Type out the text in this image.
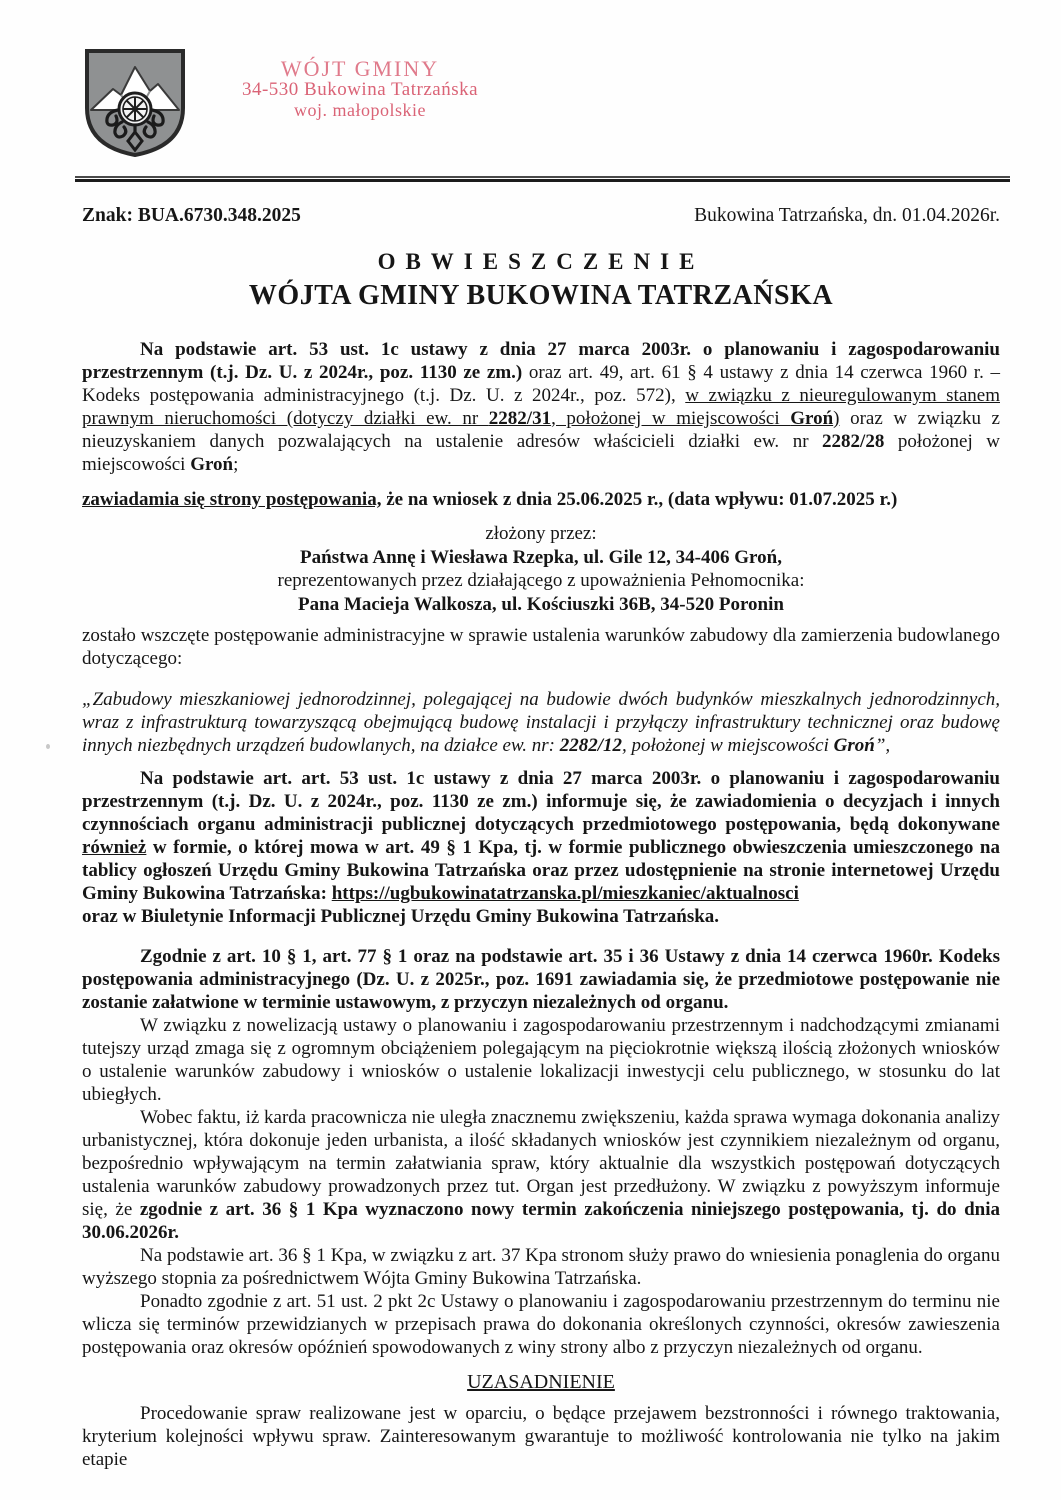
WÓJT GMINY
34-530 Bukowina Tatrzańska
woj. małopolskie
Znak: BUA.6730.348.2025	Bukowina Tatrzańska, dn. 01.04.2026r.
OBWIESZCZENIE
WÓJTA GMINY BUKOWINA TATRZAŃSKA

Na podstawie art. 53 ust. 1c ustawy z dnia 27 marca 2003r. o planowaniu i zagospodarowaniu przestrzennym (t.j. Dz. U. z 2024r., poz. 1130 ze zm.) oraz art. 49, art. 61 § 4 ustawy z dnia 14 czerwca 1960 r. – Kodeks postępowania administracyjnego (t.j. Dz. U. z 2024r., poz. 572), w związku z nieuregulowanym stanem prawnym nieruchomości (dotyczy działki ew. nr 2282/31, położonej w miejscowości Groń) oraz w związku z nieuzyskaniem danych pozwalających na ustalenie adresów właścicieli działki ew. nr 2282/28 położonej w miejscowości Groń;

zawiadamia się strony postępowania, że na wniosek z dnia 25.06.2025 r., (data wpływu: 01.07.2025 r.)

złożony przez:
Państwa Annę i Wiesława Rzepka, ul. Gile 12, 34-406 Groń,
reprezentowanych przez działającego z upoważnienia Pełnomocnika:
Pana Macieja Walkosza, ul. Kościuszki 36B, 34-520 Poronin

zostało wszczęte postępowanie administracyjne w sprawie ustalenia warunków zabudowy dla zamierzenia budowlanego dotyczącego:

„Zabudowy mieszkaniowej jednorodzinnej, polegającej na budowie dwóch budynków mieszkalnych jednorodzinnych, wraz z infrastrukturą towarzyszącą obejmującą budowę instalacji i przyłączy infrastruktury technicznej oraz budowę innych niezbędnych urządzeń budowlanych, na działce ew. nr: 2282/12, położonej w miejscowości Groń”,

Na podstawie art. art. 53 ust. 1c ustawy z dnia 27 marca 2003r. o planowaniu i zagospodarowaniu przestrzennym (t.j. Dz. U. z 2024r., poz. 1130 ze zm.) informuje się, że zawiadomienia o decyzjach i innych czynnościach organu administracji publicznej dotyczących przedmiotowego postępowania, będą dokonywane również w formie, o której mowa w art. 49 § 1 Kpa, tj. w formie publicznego obwieszczenia umieszczonego na tablicy ogłoszeń Urzędu Gminy Bukowina Tatrzańska oraz przez udostępnienie na stronie internetowej Urzędu Gminy Bukowina Tatrzańska: https://ugbukowinatatrzanska.pl/mieszkaniec/aktualnosci

oraz w Biuletynie Informacji Publicznej Urzędu Gminy Bukowina Tatrzańska.

Zgodnie z art. 10 § 1, art. 77 § 1 oraz na podstawie art. 35 i 36 Ustawy z dnia 14 czerwca 1960r. Kodeks postępowania administracyjnego (Dz. U. z 2025r., poz. 1691 zawiadamia się, że przedmiotowe postępowanie nie zostanie załatwione w terminie ustawowym, z przyczyn niezależnych od organu.

W związku z nowelizacją ustawy o planowaniu i zagospodarowaniu przestrzennym i nadchodzącymi zmianami tutejszy urząd zmaga się z ogromnym obciążeniem polegającym na pięciokrotnie większą ilością złożonych wniosków o ustalenie warunków zabudowy i wniosków o ustalenie lokalizacji inwestycji celu publicznego, w stosunku do lat ubiegłych.

Wobec faktu, iż karda pracownicza nie uległa znacznemu zwiększeniu, każda sprawa wymaga dokonania analizy urbanistycznej, która dokonuje jeden urbanista, a ilość składanych wniosków jest czynnikiem niezależnym od organu, bezpośrednio wpływającym na termin załatwiania spraw, który aktualnie dla wszystkich postępowań dotyczących ustalenia warunków zabudowy prowadzonych przez tut. Organ jest przedłużony. W związku z powyższym informuje się, że zgodnie z art. 36 § 1 Kpa wyznaczono nowy termin zakończenia niniejszego postępowania, tj. do dnia 30.06.2026r.

Na podstawie art. 36 § 1 Kpa, w związku z art. 37 Kpa stronom służy prawo do wniesienia ponaglenia do organu wyższego stopnia za pośrednictwem Wójta Gminy Bukowina Tatrzańska.

Ponadto zgodnie z art. 51 ust. 2 pkt 2c Ustawy o planowaniu i zagospodarowaniu przestrzennym do terminu nie wlicza się terminów przewidzianych w przepisach prawa do dokonania określonych czynności, okresów zawieszenia postępowania oraz okresów opóźnień spowodowanych z winy strony albo z przyczyn niezależnych od organu.

UZASADNIENIE

Procedowanie spraw realizowane jest w oparciu, o będące przejawem bezstronności i równego traktowania, kryterium kolejności wpływu spraw. Zainteresowanym gwarantuje to możliwość kontrolowania nie tylko na jakim etapie
